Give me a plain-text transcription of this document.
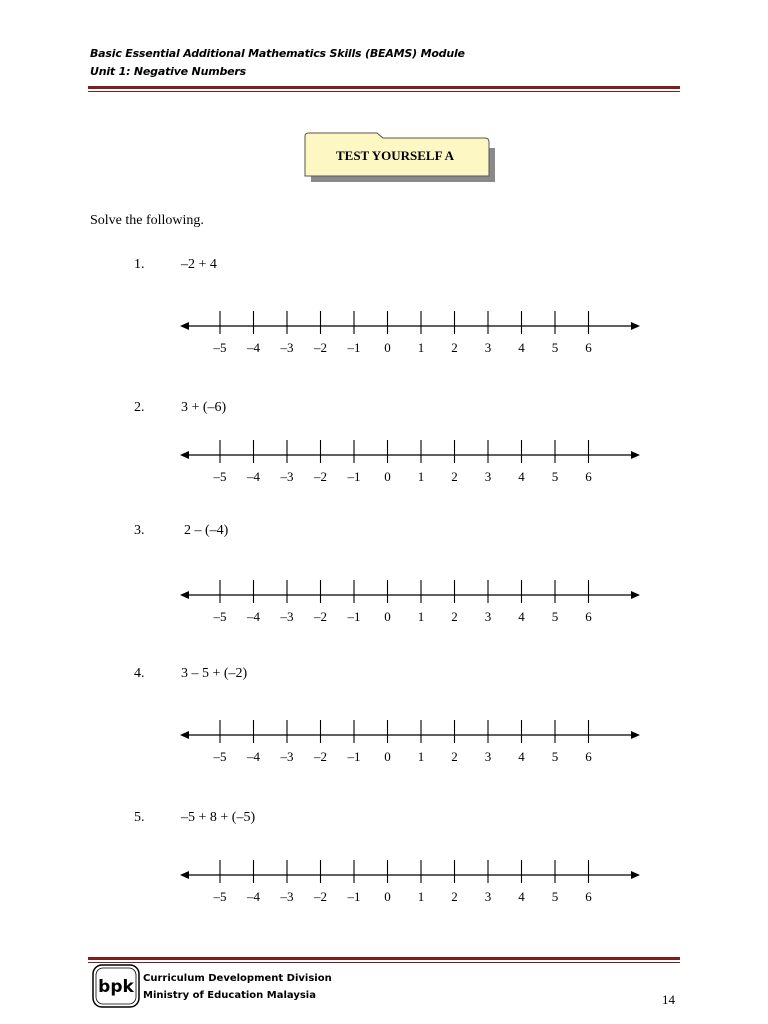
Basic Essential Additional Mathematics Skills (BEAMS) Module
Unit 1: Negative Numbers
TEST YOURSELF A
Solve the following.
1.	–2 + 4
–5 –4 –3 –2 –1 0 1 2 3 4 5 6
2.	3 + (–6)
–5 –4 –3 –2 –1 0 1 2 3 4 5 6
3.	2 – (–4)
–5 –4 –3 –2 –1 0 1 2 3 4 5 6
4.	3 – 5 + (–2)
–5 –4 –3 –2 –1 0 1 2 3 4 5 6
5.	–5 + 8 + (–5)
–5 –4 –3 –2 –1 0 1 2 3 4 5 6
bpk Curriculum Development Division
Ministry of Education Malaysia	14
